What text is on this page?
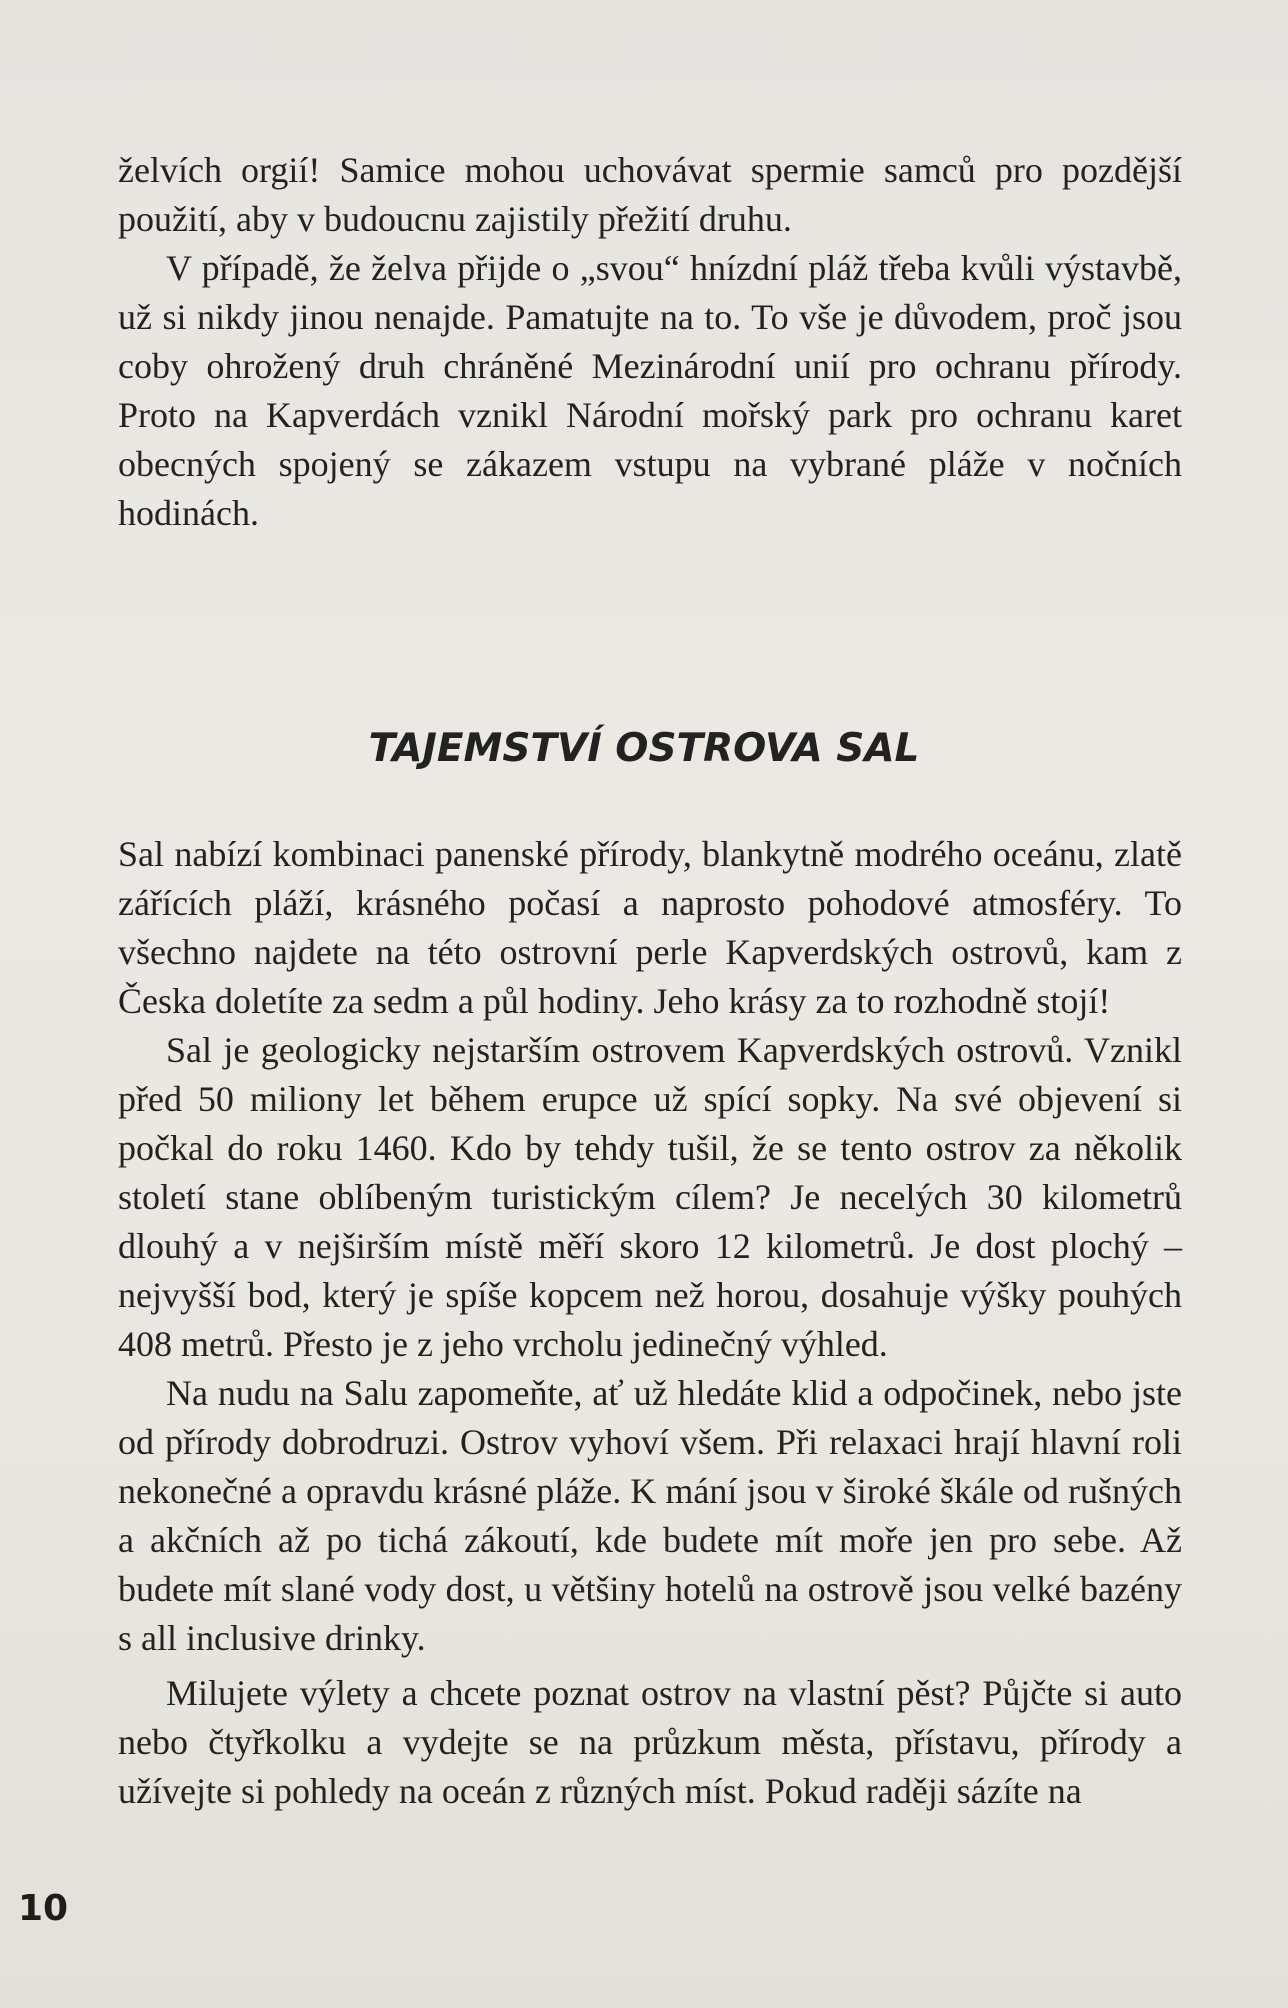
želvích orgií! Samice mohou uchovávat spermie samců pro pozdější použití, aby v budoucnu zajistily přežití druhu.

V případě, že želva přijde o „svou“ hnízdní pláž třeba kvůli výstavbě, už si nikdy jinou nenajde. Pamatujte na to. To vše je důvodem, proč jsou coby ohrožený druh chráněné Mezinárodní unií pro ochranu přírody. Proto na Kapverdách vznikl Národní mořský park pro ochranu karet obecných spojený se zákazem vstupu na vybrané pláže v nočních hodinách.

TAJEMSTVÍ OSTROVA SAL

Sal nabízí kombinaci panenské přírody, blankytně modrého oceánu, zlatě zářících pláží, krásného počasí a naprosto pohodové atmosféry. To všechno najdete na této ostrovní perle Kapverdských ostrovů, kam z Česka doletíte za sedm a půl hodiny. Jeho krásy za to rozhodně stojí!

Sal je geologicky nejstarším ostrovem Kapverdských ostrovů. Vznikl před 50 miliony let během erupce už spící sopky. Na své objevení si počkal do roku 1460. Kdo by tehdy tušil, že se tento ostrov za několik století stane oblíbeným turistickým cílem? Je necelých 30 kilometrů dlouhý a v nejširším místě měří skoro 12 kilometrů. Je dost plochý – nejvyšší bod, který je spíše kopcem než horou, dosahuje výšky pouhých 408 metrů. Přesto je z jeho vrcholu jedinečný výhled.

Na nudu na Salu zapomeňte, ať už hledáte klid a odpočinek, nebo jste od přírody dobrodruzi. Ostrov vyhoví všem. Při relaxaci hrají hlavní roli nekonečné a opravdu krásné pláže. K mání jsou v široké škále od rušných a akčních až po tichá zákoutí, kde budete mít moře jen pro sebe. Až budete mít slané vody dost, u většiny hotelů na ostrově jsou velké bazény s all inclusive drinky.

Milujete výlety a chcete poznat ostrov na vlastní pěst? Půjčte si auto nebo čtyřkolku a vydejte se na průzkum města, přístavu, přírody a užívejte si pohledy na oceán z různých míst. Pokud raději sázíte na

10
